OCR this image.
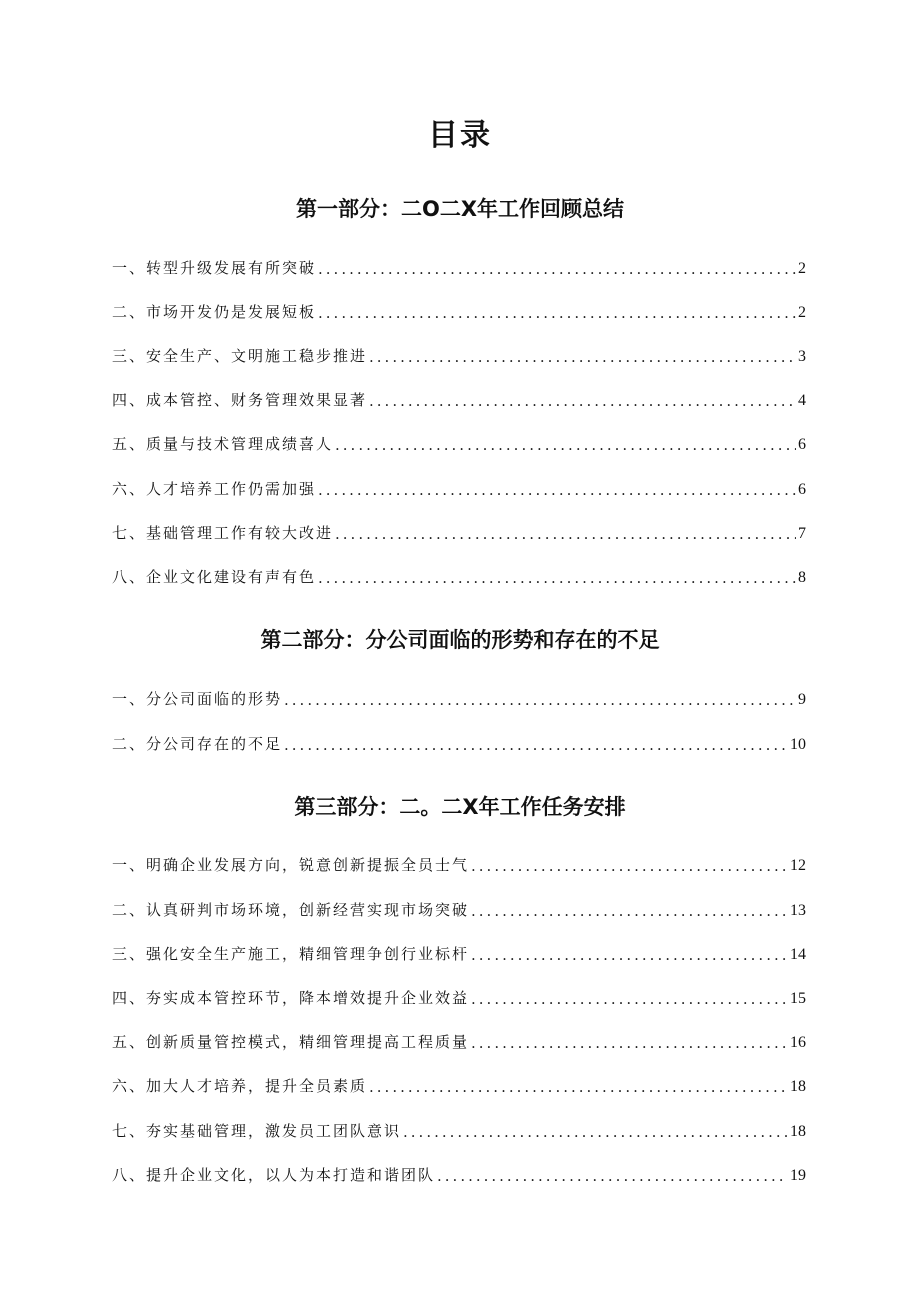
目录
第一部分：二O二X年工作回顾总结
一、转型升级发展有所突破 .....	2
二、市场开发仍是发展短板 .....	2
三、安全生产、文明施工稳步推进 .....	3
四、成本管控、财务管理效果显著 .....	4
五、质量与技术管理成绩喜人 .....	6
六、人才培养工作仍需加强 .....	6
七、基础管理工作有较大改进 .....	7
八、企业文化建设有声有色 .....	8
第二部分：分公司面临的形势和存在的不足
一、分公司面临的形势 .....	9
二、分公司存在的不足 .....	10
第三部分：二。二X年工作任务安排
一、明确企业发展方向，锐意创新提振全员士气 .....	12
二、认真研判市场环境，创新经营实现市场突破 .....	13
三、强化安全生产施工，精细管理争创行业标杆 .....	14
四、夯实成本管控环节，降本增效提升企业效益 .....	15
五、创新质量管控模式，精细管理提高工程质量 .....	16
六、加大人才培养，提升全员素质 .....	18
七、夯实基础管理，激发员工团队意识 .....	18
八、提升企业文化，以人为本打造和谐团队 .....	19
